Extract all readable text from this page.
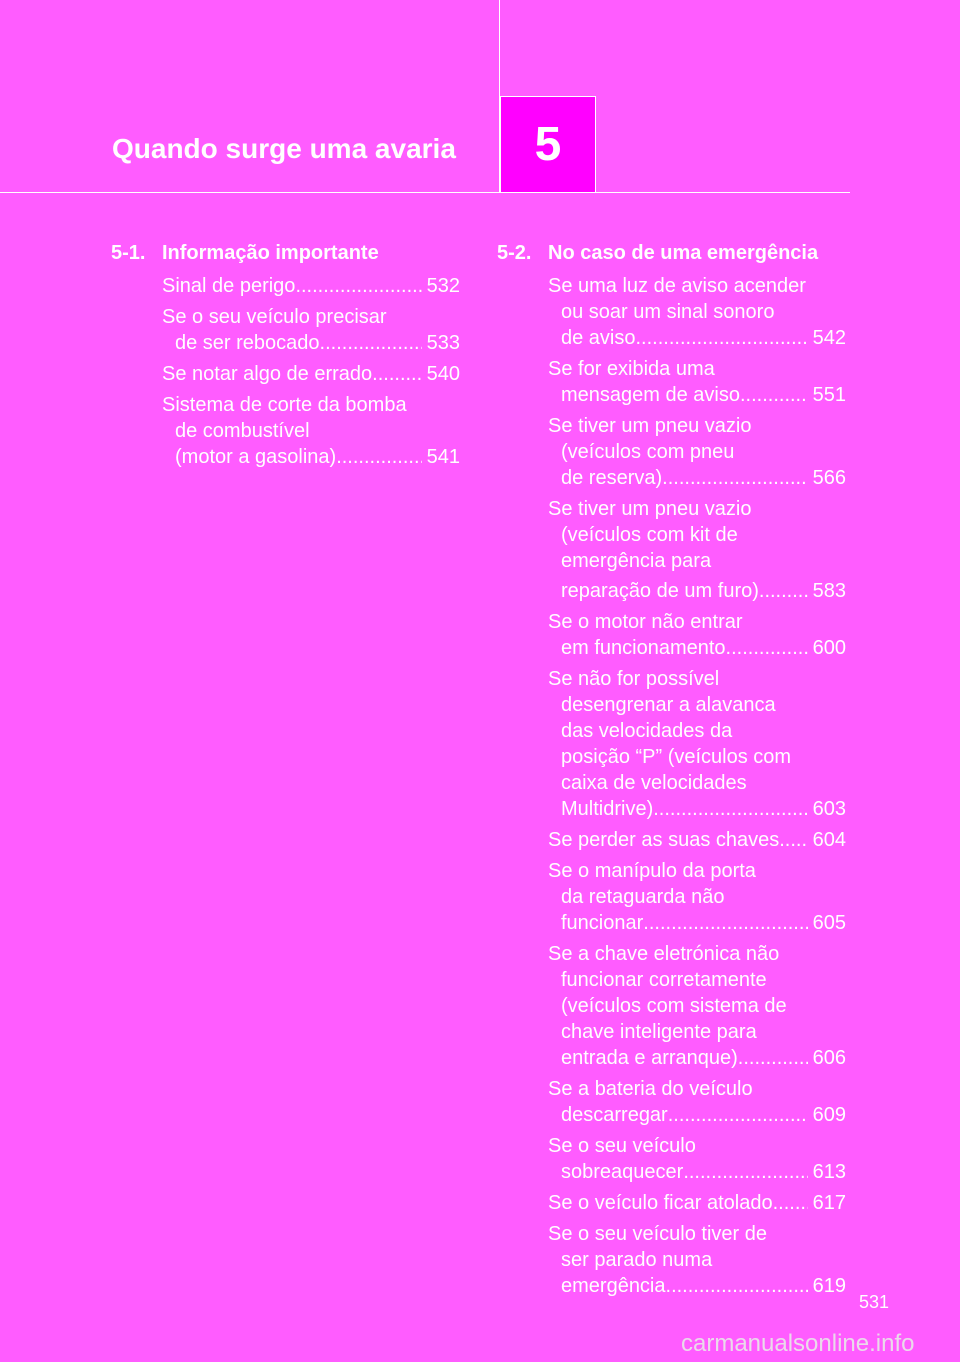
Quando surge uma avaria 5
5-1. Informação importante
Sinal de perigo .....	532
Se o seu veículo precisar
de ser rebocado .....	533
Se notar algo de errado .....	540
Sistema de corte da bomba
de combustível
(motor a gasolina) .....	541
5-2. No caso de uma emergência
Se uma luz de aviso acender
ou soar um sinal sonoro
de aviso... .....	542
Se for exibida uma
mensagem de aviso .....	551
Se tiver um pneu vazio
(veículos com pneu
de reserva) .....	566
Se tiver um pneu vazio
(veículos com kit de
emergência para
reparação de um furo) .....	583
Se o motor não entrar
em funcionamento .....	600
Se não for possível
desengrenar a alavanca
das velocidades da
posição “P” (veículos com
caixa de velocidades
Multidrive) .....	603
Se perder as suas chaves ..... 604
Se o manípulo da porta
da retaguarda não
funcionar .....	605
Se a chave eletrónica não
funcionar corretamente
(veículos com sistema de
chave inteligente para
entrada e arranque) .....	606
Se a bateria do veículo
descarregar .....	609
Se o seu veículo
sobreaquecer .....	613
Se o veículo ficar atolado ..... 617
Se o seu veículo tiver de
ser parado numa
emergência .....	619
531
carmanualsonline.info
